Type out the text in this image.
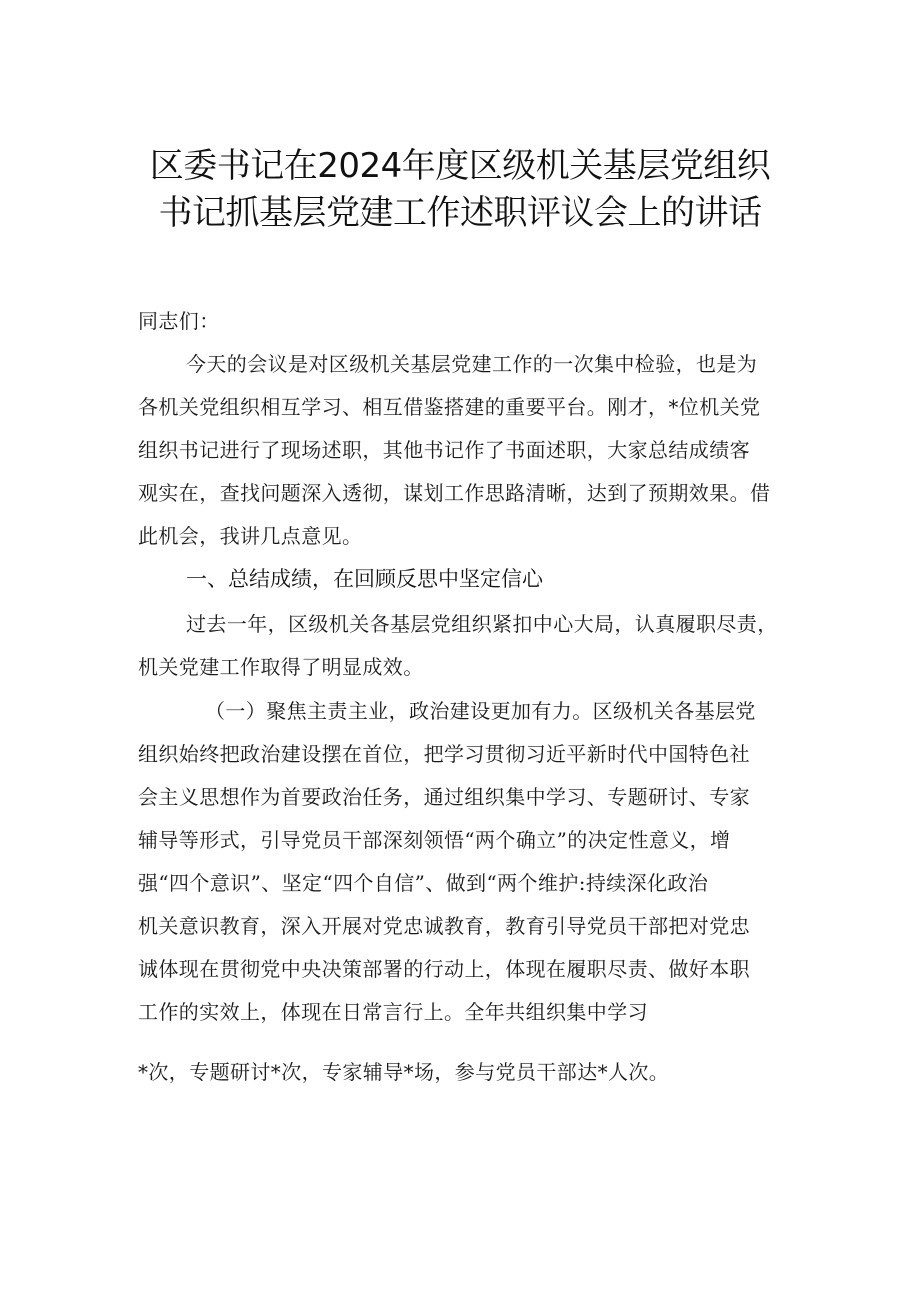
区委书记在2024年度区级机关基层党组织
书记抓基层党建工作述职评议会上的讲话
同志们：
今天的会议是对区级机关基层党建工作的一次集中检验，也是为
各机关党组织相互学习、相互借鉴搭建的重要平台。刚才，*位机关党
组织书记进行了现场述职，其他书记作了书面述职，大家总结成绩客
观实在，查找问题深入透彻，谋划工作思路清晰，达到了预期效果。借
此机会，我讲几点意见。
一、总结成绩，在回顾反思中坚定信心
过去一年，区级机关各基层党组织紧扣中心大局，认真履职尽责，
机关党建工作取得了明显成效。
（一）聚焦主责主业，政治建设更加有力。区级机关各基层党
组织始终把政治建设摆在首位，把学习贯彻习近平新时代中国特色社
会主义思想作为首要政治任务，通过组织集中学习、专题研讨、专家
辅导等形式，引导党员干部深刻领悟“两个确立”的决定性意义，增
强“四个意识”、坚定“四个自信”、做到“两个维护:持续深化政治
机关意识教育，深入开展对党忠诚教育，教育引导党员干部把对党忠
诚体现在贯彻党中央决策部署的行动上，体现在履职尽责、做好本职
工作的实效上，体现在日常言行上。全年共组织集中学习
*次，专题研讨*次，专家辅导*场，参与党员干部达*人次。
